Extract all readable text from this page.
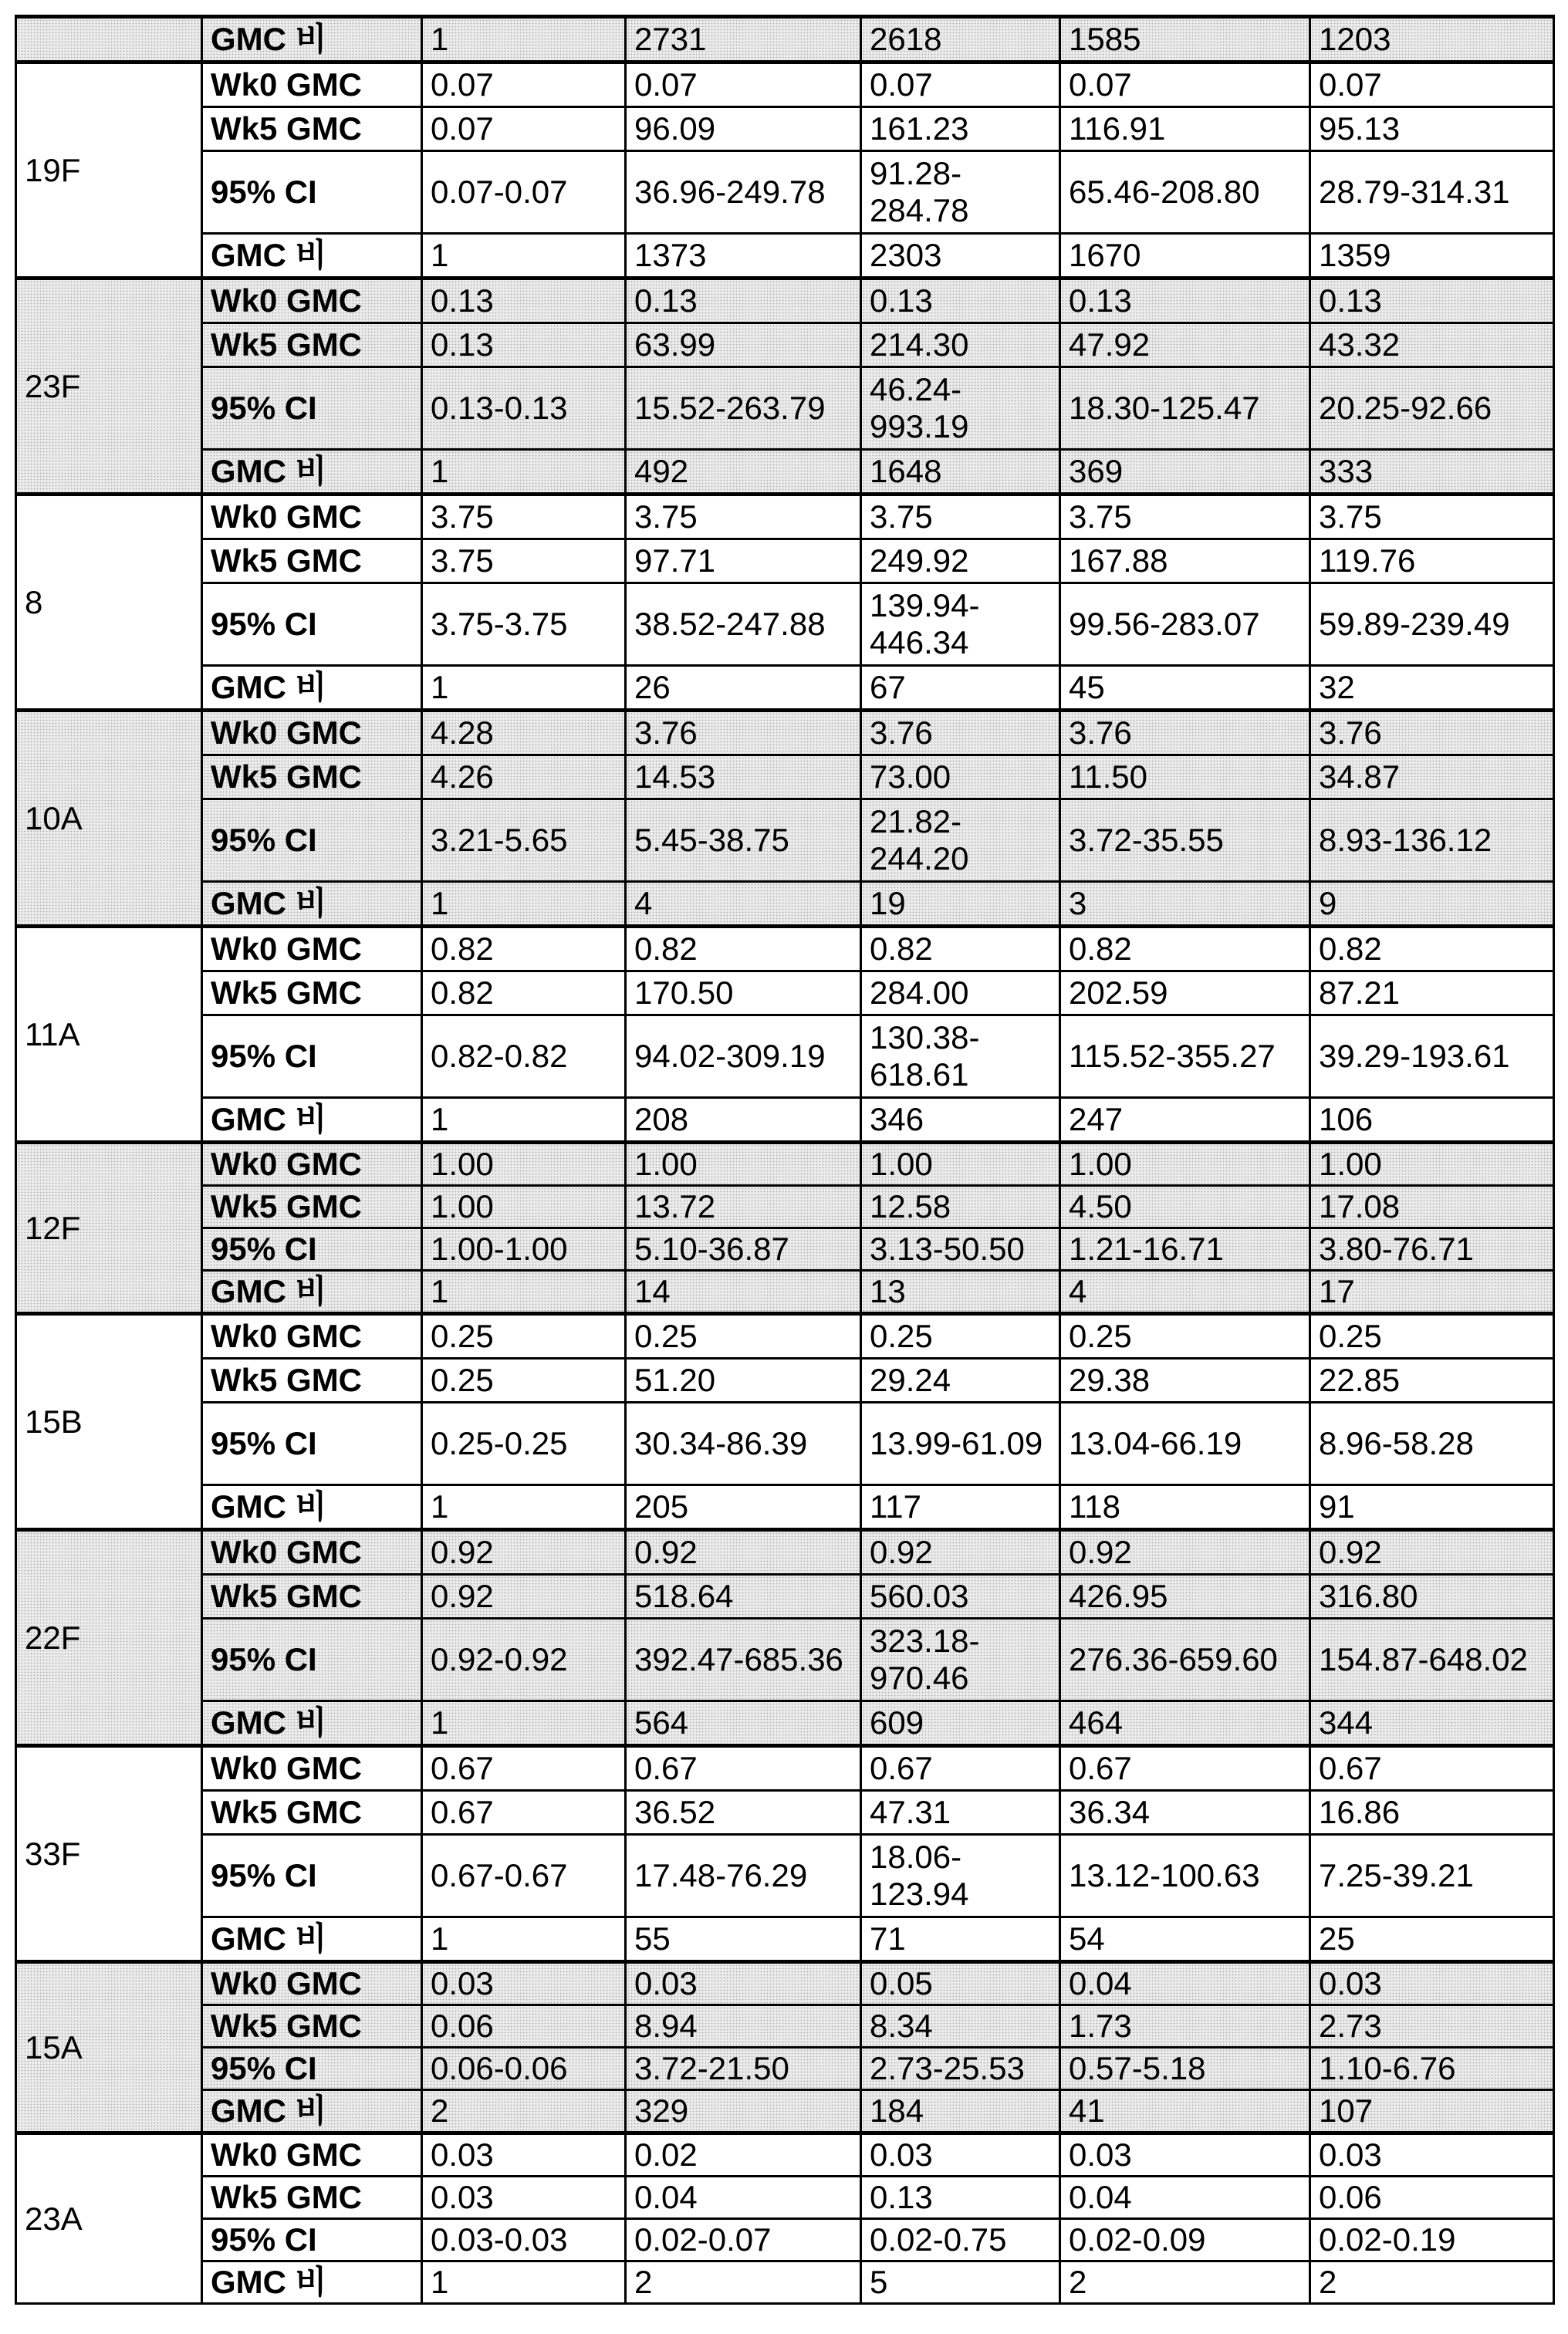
	GMC 비	1	2731	2618	1585	1203
19F	Wk0 GMC	0.07	0.07	0.07	0.07	0.07
Wk5 GMC	0.07	96.09	161.23	116.91	95.13
95% CI	0.07-0.07	36.96-249.78	91.28-284.78	65.46-208.80	28.79-314.31
GMC 비	1	1373	2303	1670	1359
23F	Wk0 GMC	0.13	0.13	0.13	0.13	0.13
Wk5 GMC	0.13	63.99	214.30	47.92	43.32
95% CI	0.13-0.13	15.52-263.79	46.24-993.19	18.30-125.47	20.25-92.66
GMC 비	1	492	1648	369	333
8	Wk0 GMC	3.75	3.75	3.75	3.75	3.75
Wk5 GMC	3.75	97.71	249.92	167.88	119.76
95% CI	3.75-3.75	38.52-247.88	139.94-446.34	99.56-283.07	59.89-239.49
GMC 비	1	26	67	45	32
10A	Wk0 GMC	4.28	3.76	3.76	3.76	3.76
Wk5 GMC	4.26	14.53	73.00	11.50	34.87
95% CI	3.21-5.65	5.45-38.75	21.82-244.20	3.72-35.55	8.93-136.12
GMC 비	1	4	19	3	9
11A	Wk0 GMC	0.82	0.82	0.82	0.82	0.82
Wk5 GMC	0.82	170.50	284.00	202.59	87.21
95% CI	0.82-0.82	94.02-309.19	130.38-618.61	115.52-355.27	39.29-193.61
GMC 비	1	208	346	247	106
12F	Wk0 GMC	1.00	1.00	1.00	1.00	1.00
Wk5 GMC	1.00	13.72	12.58	4.50	17.08
95% CI	1.00-1.00	5.10-36.87	3.13-50.50	1.21-16.71	3.80-76.71
GMC 비	1	14	13	4	17
15B	Wk0 GMC	0.25	0.25	0.25	0.25	0.25
Wk5 GMC	0.25	51.20	29.24	29.38	22.85
95% CI	0.25-0.25	30.34-86.39	13.99-61.09	13.04-66.19	8.96-58.28
GMC 비	1	205	117	118	91
22F	Wk0 GMC	0.92	0.92	0.92	0.92	0.92
Wk5 GMC	0.92	518.64	560.03	426.95	316.80
95% CI	0.92-0.92	392.47-685.36	323.18-970.46	276.36-659.60	154.87-648.02
GMC 비	1	564	609	464	344
33F	Wk0 GMC	0.67	0.67	0.67	0.67	0.67
Wk5 GMC	0.67	36.52	47.31	36.34	16.86
95% CI	0.67-0.67	17.48-76.29	18.06-123.94	13.12-100.63	7.25-39.21
GMC 비	1	55	71	54	25
15A	Wk0 GMC	0.03	0.03	0.05	0.04	0.03
Wk5 GMC	0.06	8.94	8.34	1.73	2.73
95% CI	0.06-0.06	3.72-21.50	2.73-25.53	0.57-5.18	1.10-6.76
GMC 비	2	329	184	41	107
23A	Wk0 GMC	0.03	0.02	0.03	0.03	0.03
Wk5 GMC	0.03	0.04	0.13	0.04	0.06
95% CI	0.03-0.03	0.02-0.07	0.02-0.75	0.02-0.09	0.02-0.19
GMC 비	1	2	5	2	2
